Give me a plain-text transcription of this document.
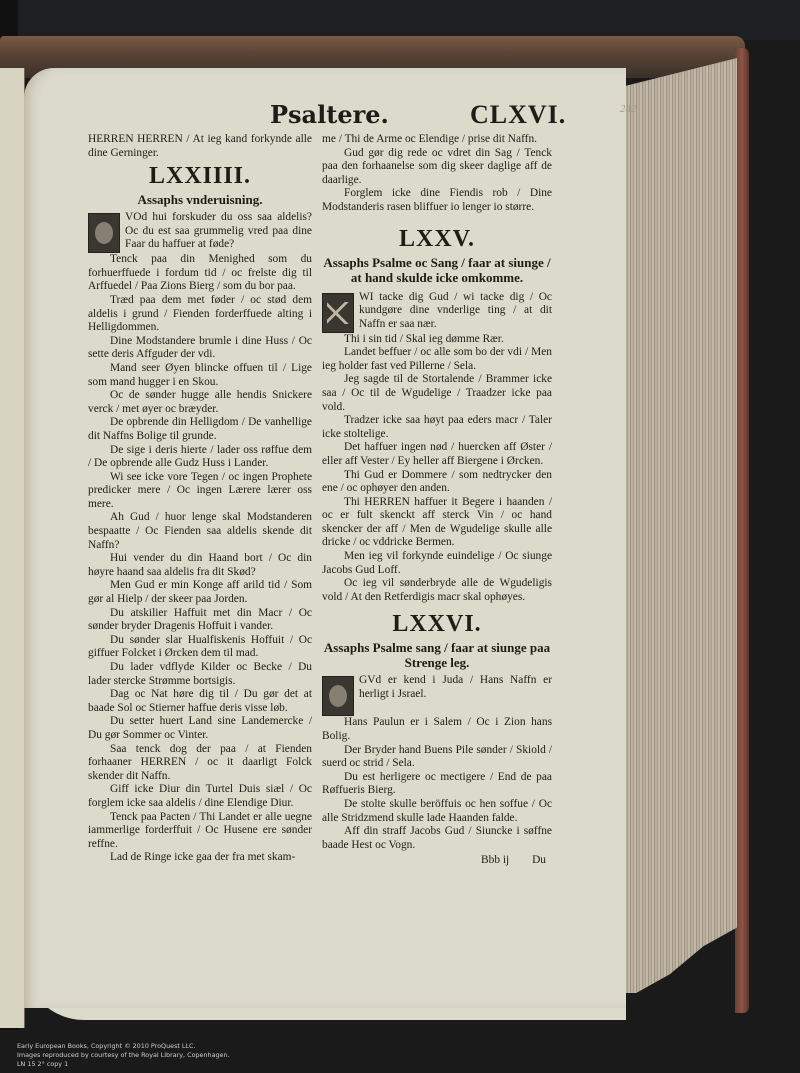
Psaltere.	CLXVI.	242

HERREN HERREN / At ieg kand forkynde alle dine Gerninger.

LXXIIII.
Assaphs vnderuisning.

VOd hui forskuder du oss saa aldelis? Oc du est saa grummelig vred paa dine Faar du haffuer at føde?

Tenck paa din Menighed som du forhuerffuede i fordum tid / oc frelste dig til Arffuedel / Paa Zions Bierg / som du bor paa.

Træd paa dem met føder / oc stød dem aldelis i grund / Fienden forderffuede alting i Helligdommen.

Dine Modstandere brumle i dine Huss / Oc sette deris Affguder der vdi.

Mand seer Øyen blincke offuen til / Lige som mand hugger i en Skou.

Oc de sønder hugge alle hendis Snickere verck / met øyer oc bræyder.

De opbrende din Helligdom / De vanhellige dit Naffns Bolige til grunde.

De sige i deris hierte / lader oss røffue dem / De opbrende alle Gudz Huss i Lander.

Wi see icke vore Tegen / oc ingen Prophete predicker mere / Oc ingen Lærere lærer oss mere.

Ah Gud / huor lenge skal Modstanderen bespaatte / Oc Fienden saa aldelis skende dit Naffn?

Hui vender du din Haand bort / Oc din høyre haand saa aldelis fra dit Skød?

Men Gud er min Konge aff arild tid / Som gør al Hielp / der skeer paa Jorden.

Du atskilier Haffuit met din Macr / Oc sønder bryder Dragenis Hoffuit i vander.

Du sønder slar Hualfiskenis Hoffuit / Oc giffuer Folcket i Ørcken dem til mad.

Du lader vdflyde Kilder oc Becke / Du lader stercke Strømme bortsigis.

Dag oc Nat høre dig til / Du gør det at baade Sol oc Stierner haffue deris visse løb.

Du setter huert Land sine Landemercke / Du gør Sommer oc Vinter.

Saa tenck dog der paa / at Fienden forhaaner HERREN / oc it daarligt Folck skender dit Naffn.

Giff icke Diur din Turtel Duis siæl / Oc forglem icke saa aldelis / dine Elendige Diur.

Tenck paa Pacten / Thi Landet er alle uegne iammerlige forderffuit / Oc Husene ere sønder reffne.

Lad de Ringe icke gaa der fra met skam-

me / Thi de Arme oc Elendige / prise dit Naffn.

Gud gør dig rede oc vdret din Sag / Tenck paa den forhaanelse som dig skeer daglige aff de daarlige.

Forglem icke dine Fiendis rob / Dine Modstanderis rasen bliffuer io lenger io større.

LXXV.
Assaphs Psalme oc Sang / faar at siunge / at hand skulde icke omkomme.

WI tacke dig Gud / wi tacke dig / Oc kundgøre dine vnderlige ting / at dit Naffn er saa nær.

Thi i sin tid / Skal ieg dømme Rær.

Landet beffuer / oc alle som bo der vdi / Men ieg holder fast ved Pillerne / Sela.

Jeg sagde til de Stortalende / Brammer icke saa / Oc til de Wgudelige / Traadzer icke paa vold.

Tradzer icke saa høyt paa eders macr / Taler icke stoltelige.

Det haffuer ingen nød / huercken aff Øster / eller aff Vester / Ey heller aff Biergene i Ørcken.

Thi Gud er Dommere / som nedtrycker den ene / oc ophøyer den anden.

Thi HERREN haffuer it Begere i haanden / oc er fult skenckt aff sterck Vin / oc hand skencker der aff / Men de Wgudelige skulle alle dricke / oc vddricke Bermen.

Men ieg vil forkynde euindelige / Oc siunge Jacobs Gud Loff.

Oc ieg vil sønderbryde alle de Wgudeligis vold / At den Retferdigis macr skal ophøyes.

LXXVI.
Assaphs Psalme sang / faar at siunge paa Strenge leg.

GVd er kend i Juda / Hans Naffn er herligt i Jsrael.

Hans Paulun er i Salem / Oc i Zion hans Bolig.

Der Bryder hand Buens Pile sønder / Skiold / suerd oc strid / Sela.

Du est herligere oc mectigere / End de paa Røffueris Bierg.

De stolte skulle beröffuis oc hen soffue / Oc alle Stridzmend skulle lade Haanden falde.

Aff din straff Jacobs Gud / Siuncke i søffne baade Hest oc Vogn.

Bbb ij Du
Early European Books, Copyright © 2010 ProQuest LLC.
Images reproduced by courtesy of the Royal Library, Copenhagen.
LN 15 2° copy 1
